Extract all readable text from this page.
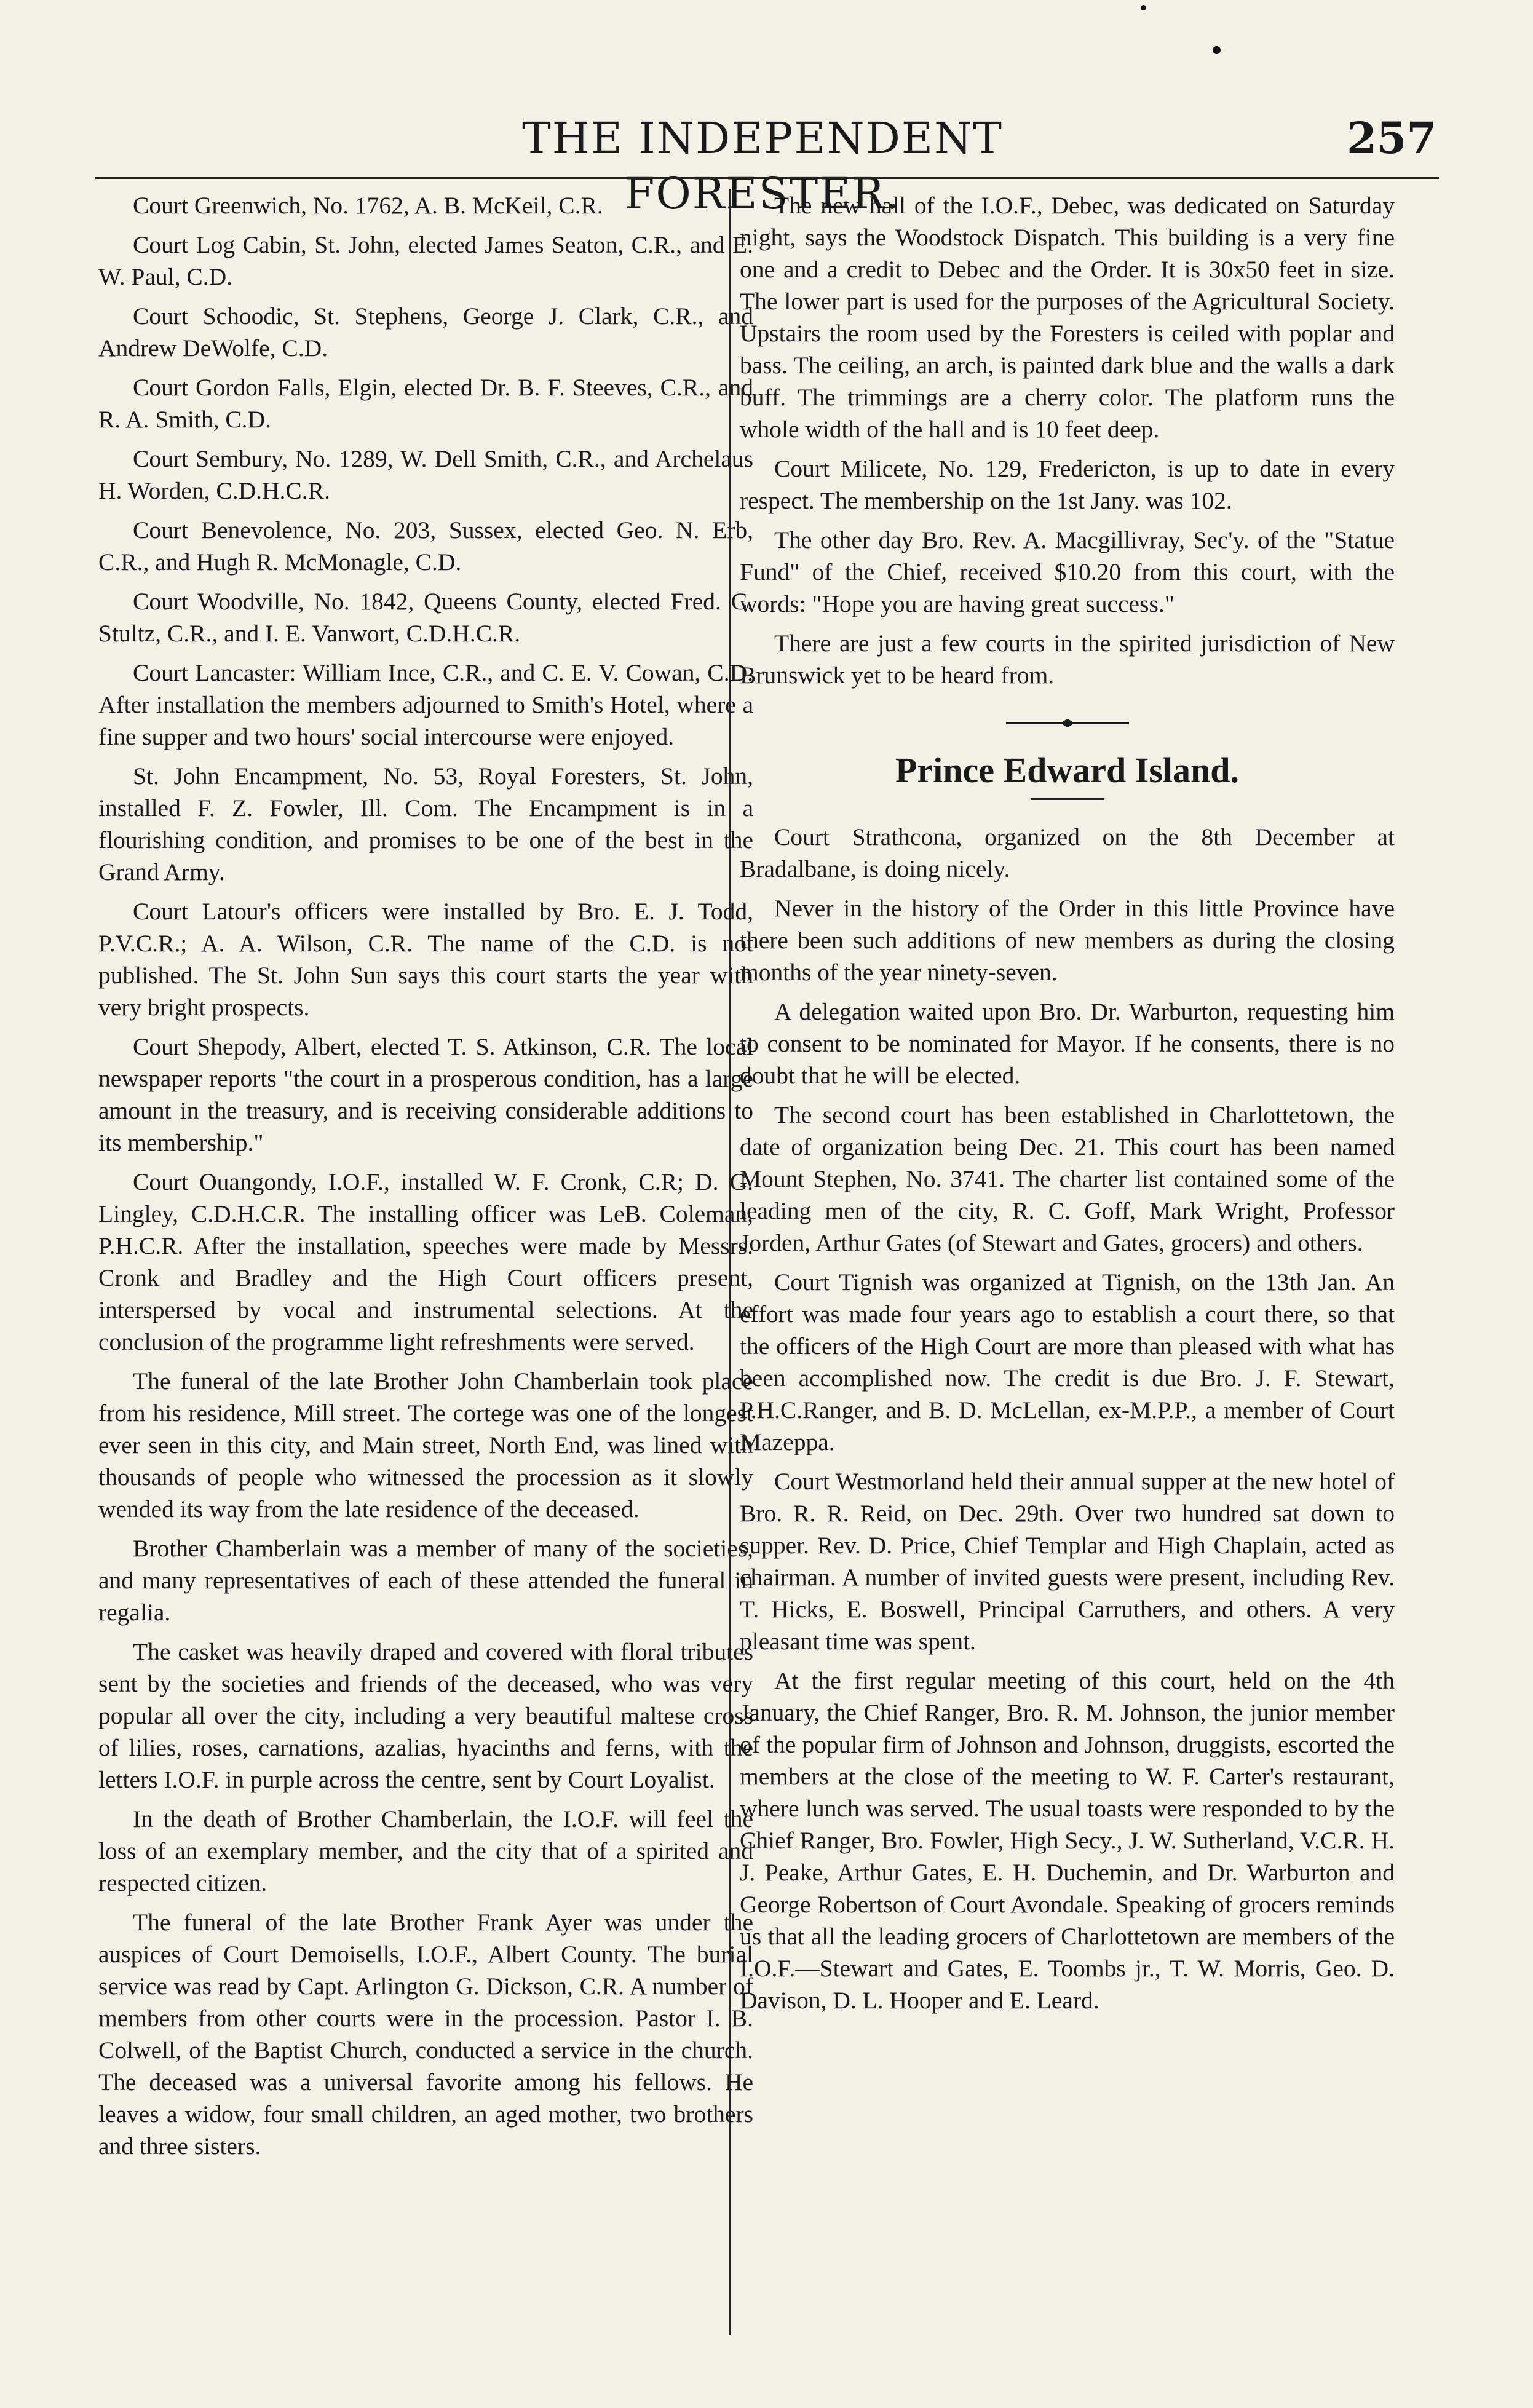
THE INDEPENDENT FORESTER.
257

Court Greenwich, No. 1762, A. B. McKeil, C.R.

Court Log Cabin, St. John, elected James Seaton, C.R., and E. W. Paul, C.D.

Court Schoodic, St. Stephens, George J. Clark, C.R., and Andrew DeWolfe, C.D.

Court Gordon Falls, Elgin, elected Dr. B. F. Steeves, C.R., and R. A. Smith, C.D.

Court Sembury, No. 1289, W. Dell Smith, C.R., and Archelaus H. Worden, C.D.H.C.R.

Court Benevolence, No. 203, Sussex, elected Geo. N. Erb, C.R., and Hugh R. McMonagle, C.D.

Court Woodville, No. 1842, Queens County, elected Fred. C. Stultz, C.R., and I. E. Vanwort, C.D.H.C.R.

Court Lancaster: William Ince, C.R., and C. E. V. Cowan, C.D. After installation the members adjourned to Smith's Hotel, where a fine supper and two hours' social intercourse were enjoyed.

St. John Encampment, No. 53, Royal Foresters, St. John, installed F. Z. Fowler, Ill. Com. The Encampment is in a flourishing condition, and promises to be one of the best in the Grand Army.

Court Latour's officers were installed by Bro. E. J. Todd, P.V.C.R.; A. A. Wilson, C.R. The name of the C.D. is not published. The St. John Sun says this court starts the year with very bright prospects.

Court Shepody, Albert, elected T. S. Atkinson, C.R. The local newspaper reports "the court in a prosperous condition, has a large amount in the treasury, and is receiving considerable additions to its membership."

Court Ouangondy, I.O.F., installed W. F. Cronk, C.R; D. G. Lingley, C.D.H.C.R. The installing officer was LeB. Coleman, P.H.C.R. After the installation, speeches were made by Messrs. Cronk and Bradley and the High Court officers present, interspersed by vocal and instrumental selections. At the conclusion of the programme light refreshments were served.

The funeral of the late Brother John Chamberlain took place from his residence, Mill street. The cortege was one of the longest ever seen in this city, and Main street, North End, was lined with thousands of people who witnessed the procession as it slowly wended its way from the late residence of the deceased.

Brother Chamberlain was a member of many of the societies, and many representatives of each of these attended the funeral in regalia.

The casket was heavily draped and covered with floral tributes sent by the societies and friends of the deceased, who was very popular all over the city, including a very beautiful maltese cross of lilies, roses, carnations, azalias, hyacinths and ferns, with the letters I.O.F. in purple across the centre, sent by Court Loyalist.

In the death of Brother Chamberlain, the I.O.F. will feel the loss of an exemplary member, and the city that of a spirited and respected citizen.

The funeral of the late Brother Frank Ayer was under the auspices of Court Demoisells, I.O.F., Albert County. The burial service was read by Capt. Arlington G. Dickson, C.R. A number of members from other courts were in the procession. Pastor I. B. Colwell, of the Baptist Church, conducted a service in the church. The deceased was a universal favorite among his fellows. He leaves a widow, four small children, an aged mother, two brothers and three sisters.

The new hall of the I.O.F., Debec, was dedicated on Saturday night, says the Woodstock Dispatch. This building is a very fine one and a credit to Debec and the Order. It is 30x50 feet in size. The lower part is used for the purposes of the Agricultural Society. Upstairs the room used by the Foresters is ceiled with poplar and bass. The ceiling, an arch, is painted dark blue and the walls a dark buff. The trimmings are a cherry color. The platform runs the whole width of the hall and is 10 feet deep.

Court Milicete, No. 129, Fredericton, is up to date in every respect. The membership on the 1st Jany. was 102.

The other day Bro. Rev. A. Macgillivray, Sec'y. of the "Statue Fund" of the Chief, received $10.20 from this court, with the words: "Hope you are having great success."

There are just a few courts in the spirited jurisdiction of New Brunswick yet to be heard from.

Prince Edward Island.

Court Strathcona, organized on the 8th December at Bradalbane, is doing nicely.

Never in the history of the Order in this little Province have there been such additions of new members as during the closing months of the year ninety-seven.

A delegation waited upon Bro. Dr. Warburton, requesting him to consent to be nominated for Mayor. If he consents, there is no doubt that he will be elected.

The second court has been established in Charlottetown, the date of organization being Dec. 21. This court has been named Mount Stephen, No. 3741. The charter list contained some of the leading men of the city, R. C. Goff, Mark Wright, Professor Jorden, Arthur Gates (of Stewart and Gates, grocers) and others.

Court Tignish was organized at Tignish, on the 13th Jan. An effort was made four years ago to establish a court there, so that the officers of the High Court are more than pleased with what has been accomplished now. The credit is due Bro. J. F. Stewart, P.H.C.Ranger, and B. D. McLellan, ex-M.P.P., a member of Court Mazeppa.

Court Westmorland held their annual supper at the new hotel of Bro. R. R. Reid, on Dec. 29th. Over two hundred sat down to supper. Rev. D. Price, Chief Templar and High Chaplain, acted as chairman. A number of invited guests were present, including Rev. T. Hicks, E. Boswell, Principal Carruthers, and others. A very pleasant time was spent.

At the first regular meeting of this court, held on the 4th January, the Chief Ranger, Bro. R. M. Johnson, the junior member of the popular firm of Johnson and Johnson, druggists, escorted the members at the close of the meeting to W. F. Carter's restaurant, where lunch was served. The usual toasts were responded to by the Chief Ranger, Bro. Fowler, High Secy., J. W. Sutherland, V.C.R. H. J. Peake, Arthur Gates, E. H. Duchemin, and Dr. Warburton and George Robertson of Court Avondale. Speaking of grocers reminds us that all the leading grocers of Charlottetown are members of the I.O.F.—Stewart and Gates, E. Toombs jr., T. W. Morris, Geo. D. Davison, D. L. Hooper and E. Leard.
